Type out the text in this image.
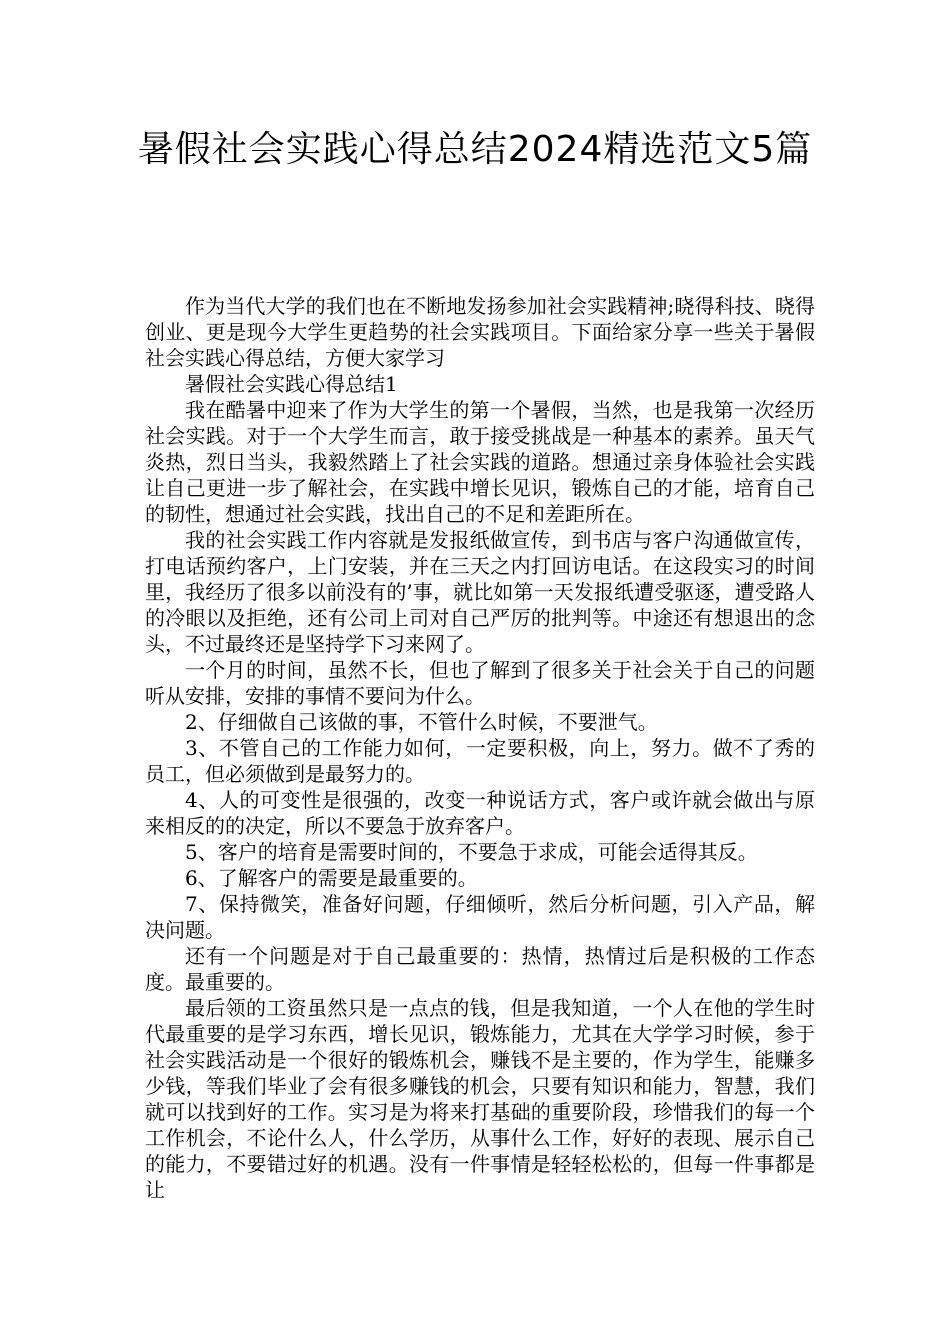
暑假社会实践心得总结2024精选范文5篇

作为当代大学的我们也在不断地发扬参加社会实践精神;晓得科技、晓得创业、更是现今大学生更趋势的社会实践项目。下面给家分享一些关于暑假社会实践心得总结，方便大家学习

暑假社会实践心得总结1

我在酷暑中迎来了作为大学生的第一个暑假，当然，也是我第一次经历社会实践。对于一个大学生而言，敢于接受挑战是一种基本的素养。虽天气炎热，烈日当头，我毅然踏上了社会实践的道路。想通过亲身体验社会实践让自己更进一步了解社会，在实践中增长见识，锻炼自己的才能，培育自己的韧性，想通过社会实践，找出自己的不足和差距所在。

我的社会实践工作内容就是发报纸做宣传，到书店与客户沟通做宣传，打电话预约客户，上门安装，并在三天之内打回访电话。在这段实习的时间里，我经历了很多以前没有的’事，就比如第一天发报纸遭受驱逐，遭受路人的冷眼以及拒绝，还有公司上司对自己严厉的批判等。中途还有想退出的念头，不过最终还是坚持学下习来网了。

一个月的时间，虽然不长，但也了解到了很多关于社会关于自己的问题听从安排，安排的事情不要问为什么。

2、仔细做自己该做的事，不管什么时候，不要泄气。

3、不管自己的工作能力如何，一定要积极，向上，努力。做不了秀的员工，但必须做到是最努力的。

4、人的可变性是很强的，改变一种说话方式，客户或许就会做出与原来相反的的决定，所以不要急于放弃客户。

5、客户的培育是需要时间的，不要急于求成，可能会适得其反。

6、了解客户的需要是最重要的。

7、保持微笑，准备好问题，仔细倾听，然后分析问题，引入产品，解决问题。

还有一个问题是对于自己最重要的：热情，热情过后是积极的工作态度。最重要的。

最后领的工资虽然只是一点点的钱，但是我知道，一个人在他的学生时代最重要的是学习东西，增长见识，锻炼能力，尤其在大学学习时候，参于社会实践活动是一个很好的锻炼机会，赚钱不是主要的，作为学生，能赚多少钱，等我们毕业了会有很多赚钱的机会，只要有知识和能力，智慧，我们就可以找到好的工作。实习是为将来打基础的重要阶段，珍惜我们的每一个工作机会，不论什么人，什么学历，从事什么工作，好好的表现、展示自己的能力，不要错过好的机遇。没有一件事情是轻轻松松的，但每一件事都是让
